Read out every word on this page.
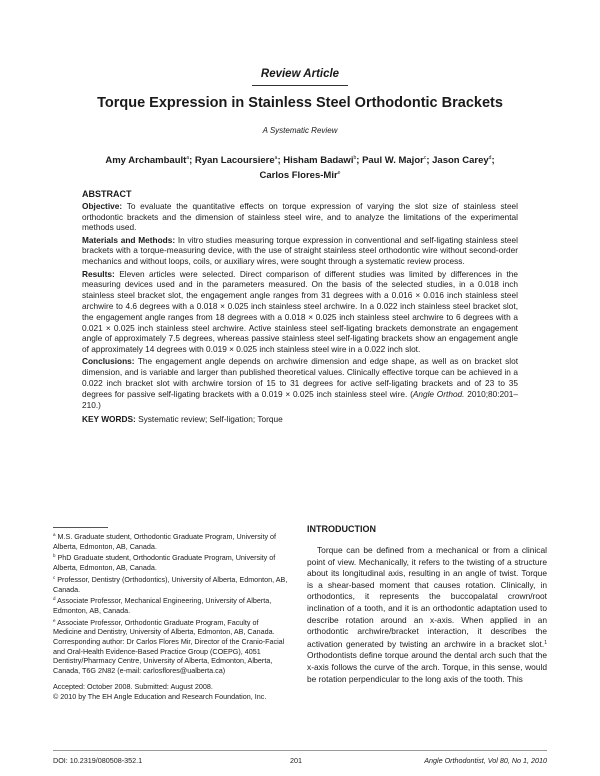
Review Article
Torque Expression in Stainless Steel Orthodontic Brackets
A Systematic Review
Amy Archambault$^a$; Ryan Lacoursiere$^a$; Hisham Badawi$^b$; Paul W. Major$^c$; Jason Carey$^d$;
Carlos Flores-Mir$^e$
ABSTRACT

Objective: To evaluate the quantitative effects on torque expression of varying the slot size of stainless steel orthodontic brackets and the dimension of stainless steel wire, and to analyze the limitations of the experimental methods used.

Materials and Methods: In vitro studies measuring torque expression in conventional and self-ligating stainless steel brackets with a torque-measuring device, with the use of straight stainless steel orthodontic wire without second-order mechanics and without loops, coils, or auxiliary wires, were sought through a systematic review process.

Results: Eleven articles were selected. Direct comparison of different studies was limited by differences in the measuring devices used and in the parameters measured. On the basis of the selected studies, in a 0.018 inch stainless steel bracket slot, the engagement angle ranges from 31 degrees with a 0.016 × 0.016 inch stainless steel archwire to 4.6 degrees with a 0.018 × 0.025 inch stainless steel archwire. In a 0.022 inch stainless steel bracket slot, the engagement angle ranges from 18 degrees with a 0.018 × 0.025 inch stainless steel archwire to 6 degrees with a 0.021 × 0.025 inch stainless steel archwire. Active stainless steel self-ligating brackets demonstrate an engagement angle of approximately 7.5 degrees, whereas passive stainless steel self-ligating brackets show an engagement angle of approximately 14 degrees with 0.019 × 0.025 inch stainless steel wire in a 0.022 inch slot.

Conclusions: The engagement angle depends on archwire dimension and edge shape, as well as on bracket slot dimension, and is variable and larger than published theoretical values. Clinically effective torque can be achieved in a 0.022 inch bracket slot with archwire torsion of 15 to 31 degrees for active self-ligating brackets and of 23 to 35 degrees for passive self-ligating brackets with a 0.019 × 0.025 inch stainless steel wire. (Angle Orthod. 2010;80:201–210.)

KEY WORDS: Systematic review; Self-ligation; Torque

$^a$ M.S. Graduate student, Orthodontic Graduate Program, University of Alberta, Edmonton, AB, Canada.

$^b$ PhD Graduate student, Orthodontic Graduate Program, University of Alberta, Edmonton, AB, Canada.

$^c$ Professor, Dentistry (Orthodontics), University of Alberta, Edmonton, AB, Canada.

$^d$ Associate Professor, Mechanical Engineering, University of Alberta, Edmonton, AB, Canada.

$^e$ Associate Professor, Orthodontic Graduate Program, Faculty of Medicine and Dentistry, University of Alberta, Edmonton, AB, Canada.

Corresponding author: Dr Carlos Flores Mir, Director of the Cranio-Facial and Oral-Health Evidence-Based Practice Group (COEPG), 4051 Dentistry/Pharmacy Centre, University of Alberta, Edmonton, Alberta, Canada, T6G 2N82 (e-mail: carlosflores@ualberta.ca)

Accepted: October 2008. Submitted: August 2008.

© 2010 by The EH Angle Education and Research Foundation, Inc.

INTRODUCTION

Torque can be defined from a mechanical or from a clinical point of view. Mechanically, it refers to the twisting of a structure about its longitudinal axis, resulting in an angle of twist. Torque is a shear-based moment that causes rotation. Clinically, in orthodontics, it represents the buccopalatal crown/root inclination of a tooth, and it is an orthodontic adaptation used to describe rotation around an x-axis. When applied in an orthodontic archwire/bracket interaction, it describes the activation generated by twisting an archwire in a bracket slot.$^1$ Orthodontists define torque around the dental arch such that the x-axis follows the curve of the arch. Torque, in this sense, would be rotation perpendicular to the long axis of the tooth. This

DOI: 10.2319/080508-352.1	201	Angle Orthodontist, Vol 80, No 1, 2010
